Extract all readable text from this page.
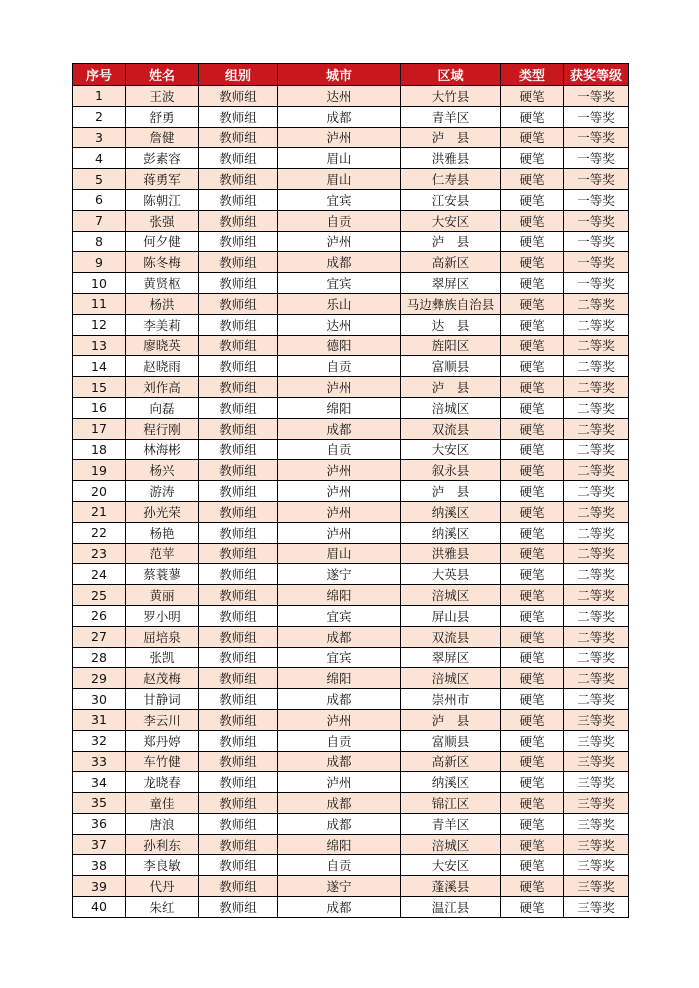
序号	姓名	组别	城市	区域	类型	获奖等级
1	王波	教师组	达州	大竹县	硬笔	一等奖
2	舒勇	教师组	成都	青羊区	硬笔	一等奖
3	詹健	教师组	泸州	泸　县	硬笔	一等奖
4	彭素容	教师组	眉山	洪雅县	硬笔	一等奖
5	蒋勇军	教师组	眉山	仁寿县	硬笔	一等奖
6	陈朝江	教师组	宜宾	江安县	硬笔	一等奖
7	张强	教师组	自贡	大安区	硬笔	一等奖
8	何夕健	教师组	泸州	泸　县	硬笔	一等奖
9	陈冬梅	教师组	成都	高新区	硬笔	一等奖
10	黄贤枢	教师组	宜宾	翠屏区	硬笔	一等奖
11	杨洪	教师组	乐山	马边彝族自治县	硬笔	二等奖
12	李美莉	教师组	达州	达　县	硬笔	二等奖
13	廖晓英	教师组	德阳	旌阳区	硬笔	二等奖
14	赵晓雨	教师组	自贡	富顺县	硬笔	二等奖
15	刘作高	教师组	泸州	泸　县	硬笔	二等奖
16	向磊	教师组	绵阳	涪城区	硬笔	二等奖
17	程行刚	教师组	成都	双流县	硬笔	二等奖
18	林海彬	教师组	自贡	大安区	硬笔	二等奖
19	杨兴	教师组	泸州	叙永县	硬笔	二等奖
20	游涛	教师组	泸州	泸　县	硬笔	二等奖
21	孙光荣	教师组	泸州	纳溪区	硬笔	二等奖
22	杨艳	教师组	泸州	纳溪区	硬笔	二等奖
23	范苹	教师组	眉山	洪雅县	硬笔	二等奖
24	蔡蓑蓼	教师组	遂宁	大英县	硬笔	二等奖
25	黄丽	教师组	绵阳	涪城区	硬笔	二等奖
26	罗小明	教师组	宜宾	屏山县	硬笔	二等奖
27	屈培泉	教师组	成都	双流县	硬笔	二等奖
28	张凯	教师组	宜宾	翠屏区	硬笔	二等奖
29	赵茂梅	教师组	绵阳	涪城区	硬笔	二等奖
30	甘静词	教师组	成都	崇州市	硬笔	二等奖
31	李云川	教师组	泸州	泸　县	硬笔	三等奖
32	郑丹婷	教师组	自贡	富顺县	硬笔	三等奖
33	车竹健	教师组	成都	高新区	硬笔	三等奖
34	龙晓春	教师组	泸州	纳溪区	硬笔	三等奖
35	童佳	教师组	成都	锦江区	硬笔	三等奖
36	唐浪	教师组	成都	青羊区	硬笔	三等奖
37	孙利东	教师组	绵阳	涪城区	硬笔	三等奖
38	李良敏	教师组	自贡	大安区	硬笔	三等奖
39	代丹	教师组	遂宁	蓬溪县	硬笔	三等奖
40	朱红	教师组	成都	温江县	硬笔	三等奖
